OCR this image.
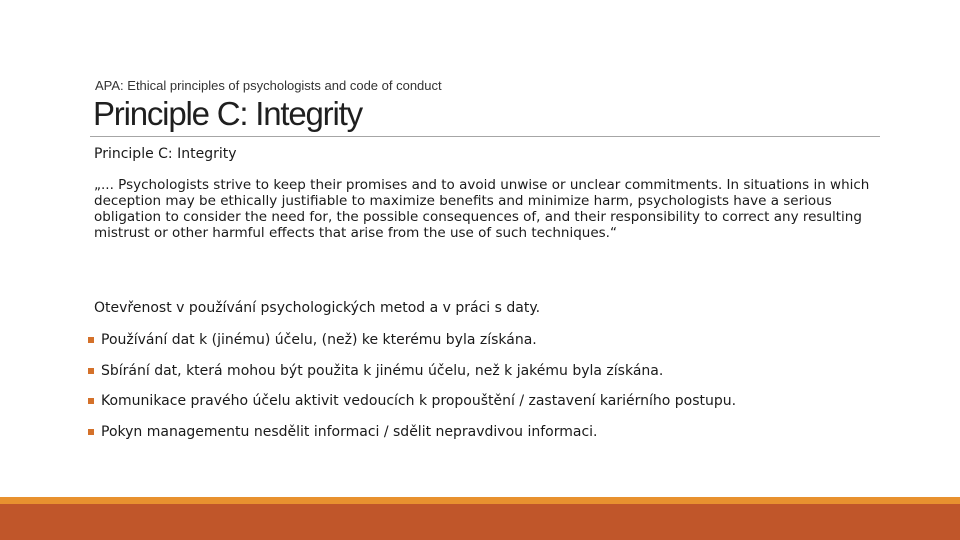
APA: Ethical principles of psychologists and code of conduct
Principle C: Integrity
Principle C: Integrity

„... Psychologists strive to keep their promises and to avoid unwise or unclear commitments. In situations in which deception may be ethically justifiable to maximize benefits and minimize harm, psychologists have a serious obligation to consider the need for, the possible consequences of, and their responsibility to correct any resulting mistrust or other harmful effects that arise from the use of such techniques.“

Otevřenost v používání psychologických metod a v práci s daty.
Používání dat k (jinému) účelu, (než) ke kterému byla získána.
Sbírání dat, která mohou být použita k jinému účelu, než k jakému byla získána.
Komunikace pravého účelu aktivit vedoucích k propouštění / zastavení kariérního postupu.
Pokyn managementu nesdělit informaci / sdělit nepravdivou informaci.
